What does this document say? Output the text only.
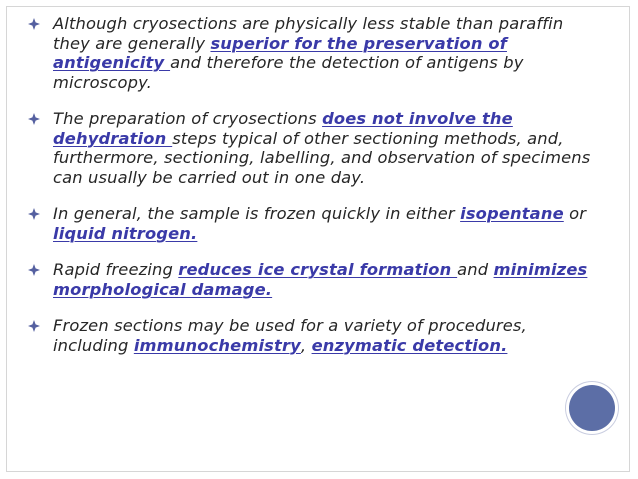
Although cryosections are physically less stable than paraffin they are generally superior for the preservation of antigenicity and therefore the detection of antigens by microscopy.
The preparation of cryosections does not involve the dehydration steps typical of other sectioning methods, and, furthermore, sectioning, labelling, and observation of specimens can usually be carried out in one day.
In general, the sample is frozen quickly in either isopentane or liquid nitrogen.
Rapid freezing reduces ice crystal formation and minimizes morphological damage.
Frozen sections may be used for a variety of procedures, including immunochemistry, enzymatic detection.
